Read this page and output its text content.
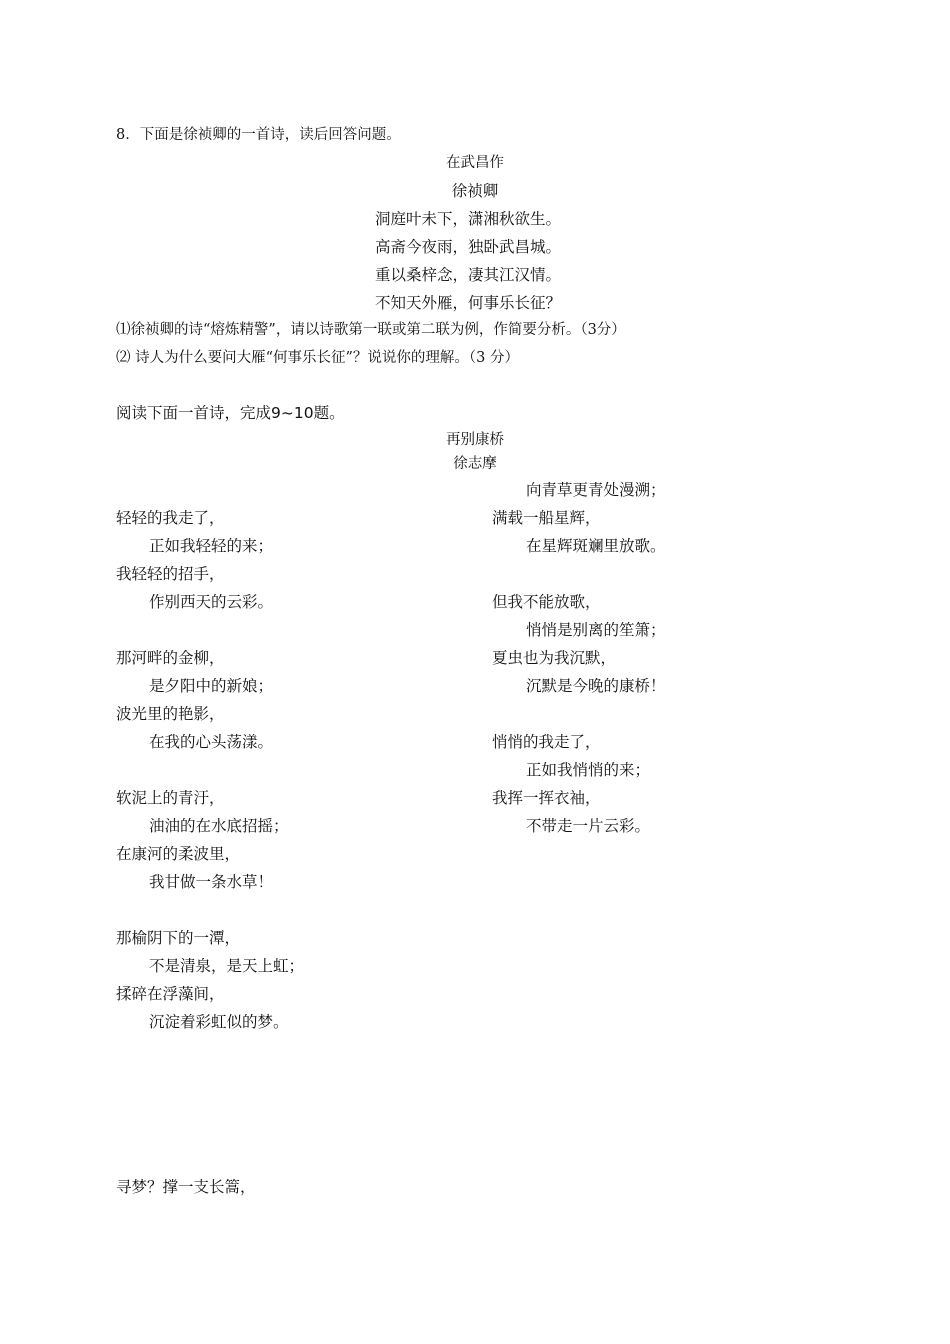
8．下面是徐祯卿的一首诗，读后回答问题。
在武昌作
徐祯卿
洞庭叶未下，潇湘秋欲生。
高斋今夜雨，独卧武昌城。
重以桑梓念，凄其江汉情。
不知天外雁，何事乐长征？
⑴徐祯卿的诗“熔炼精警”，请以诗歌第一联或第二联为例，作简要分析。（3分）
⑵ 诗人为什么要问大雁“何事乐长征”？说说你的理解。（3 分）
阅读下面一首诗，完成9~10题。
再别康桥
徐志摩
轻轻的我走了，
正如我轻轻的来；
我轻轻的招手，
作别西天的云彩。
那河畔的金柳，
是夕阳中的新娘；
波光里的艳影，
在我的心头荡漾。
软泥上的青汙，
油油的在水底招摇；
在康河的柔波里，
我甘做一条水草！
那榆阴下的一潭，
不是清泉，是天上虹；
揉碎在浮藻间，
沉淀着彩虹似的梦。
向青草更青处漫溯；
满载一船星辉，
在星辉斑斓里放歌。
但我不能放歌，
悄悄是别离的笙箫；
夏虫也为我沉默，
沉默是今晚的康桥！
悄悄的我走了，
正如我悄悄的来；
我挥一挥衣袖，
不带走一片云彩。
寻梦？撑一支长篙，
